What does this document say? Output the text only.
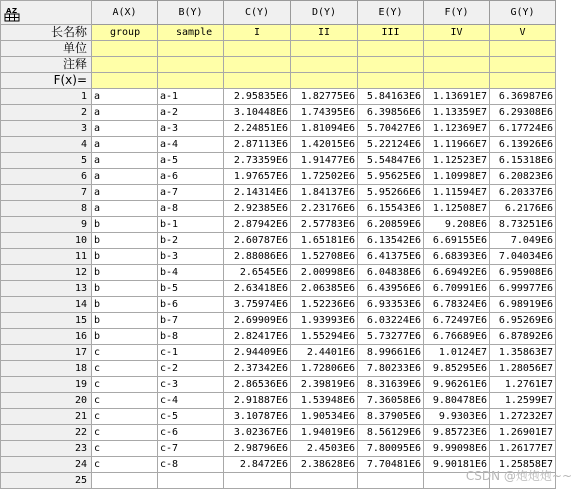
A Z	A(X)	B(Y)	C(Y)	D(Y)	E(Y)	F(Y)	G(Y)
长名称	group	sample	I	II	III	IV	V
单位							
注释							
F(x)=							
1	a	a-1	2.95835E6	1.82775E6	5.84163E6	1.13691E7	6.36987E6
2	a	a-2	3.10448E6	1.74395E6	6.39856E6	1.13359E7	6.29308E6
3	a	a-3	2.24851E6	1.81094E6	5.70427E6	1.12369E7	6.17724E6
4	a	a-4	2.87113E6	1.42015E6	5.22124E6	1.11966E7	6.13926E6
5	a	a-5	2.73359E6	1.91477E6	5.54847E6	1.12523E7	6.15318E6
6	a	a-6	1.97657E6	1.72502E6	5.95625E6	1.10998E7	6.20823E6
7	a	a-7	2.14314E6	1.84137E6	5.95266E6	1.11594E7	6.20337E6
8	a	a-8	2.92385E6	2.23176E6	6.15543E6	1.12508E7	6.2176E6
9	b	b-1	2.87942E6	2.57783E6	6.20859E6	9.208E6	8.73251E6
10	b	b-2	2.60787E6	1.65181E6	6.13542E6	6.69155E6	7.049E6
11	b	b-3	2.88086E6	1.52708E6	6.41375E6	6.68393E6	7.04034E6
12	b	b-4	2.6545E6	2.00998E6	6.04838E6	6.69492E6	6.95908E6
13	b	b-5	2.63418E6	2.06385E6	6.43956E6	6.70991E6	6.99977E6
14	b	b-6	3.75974E6	1.52236E6	6.93353E6	6.78324E6	6.98919E6
15	b	b-7	2.69909E6	1.93993E6	6.03224E6	6.72497E6	6.95269E6
16	b	b-8	2.82417E6	1.55294E6	5.73277E6	6.76689E6	6.87892E6
17	c	c-1	2.94409E6	2.4401E6	8.99661E6	1.0124E7	1.35863E7
18	c	c-2	2.37342E6	1.72806E6	7.80233E6	9.85295E6	1.28056E7
19	c	c-3	2.86536E6	2.39819E6	8.31639E6	9.96261E6	1.2761E7
20	c	c-4	2.91887E6	1.53948E6	7.36058E6	9.80478E6	1.2599E7
21	c	c-5	3.10787E6	1.90534E6	8.37905E6	9.9303E6	1.27232E7
22	c	c-6	3.02367E6	1.94019E6	8.56129E6	9.85723E6	1.26901E7
23	c	c-7	2.98796E6	2.4503E6	7.80095E6	9.99098E6	1.26177E7
24	c	c-8	2.8472E6	2.38628E6	7.70481E6	9.90181E6	1.25858E7
25								CSDN @炮炮炮~~
